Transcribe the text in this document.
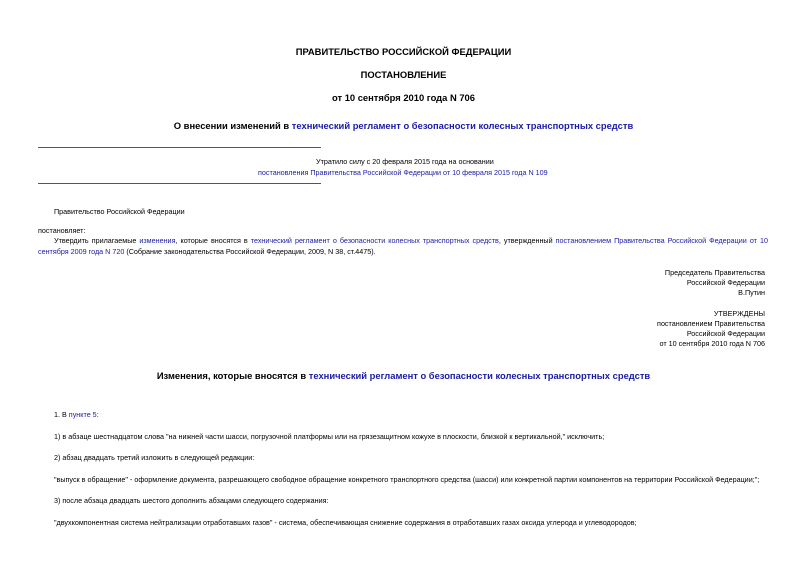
ПРАВИТЕЛЬСТВО РОССИЙСКОЙ ФЕДЕРАЦИИ
ПОСТАНОВЛЕНИЕ
от 10 сентября 2010 года N 706
О внесении изменений в технический регламент о безопасности колесных транспортных средств
Утратило силу с 20 февраля 2015 года на основании
постановления Правительства Российской Федерации от 10 февраля 2015 года N 109
Правительство Российской Федерации
постановляет:
Утвердить прилагаемые изменения, которые вносятся в технический регламент о безопасности колесных транспортных средств, утвержденный постановлением Правительства Российской Федерации от 10 сентября 2009 года N 720 (Собрание законодательства Российской Федерации, 2009, N 38, ст.4475).
Председатель Правительства
Российской Федерации
В.Путин
УТВЕРЖДЕНЫ
постановлением Правительства
Российской Федерации
от 10 сентября 2010 года N 706
Изменения, которые вносятся в технический регламент о безопасности колесных транспортных средств
1. В пункте 5:
1) в абзаце шестнадцатом слова "на нижней части шасси, погрузочной платформы или на грязезащитном кожухе в плоскости, близкой к вертикальной," исключить;
2) абзац двадцать третий изложить в следующей редакции:
"выпуск в обращение" - оформление документа, разрешающего свободное обращение конкретного транспортного средства (шасси) или конкретной партии компонентов на территории Российской Федерации;";
3) после абзаца двадцать шестого дополнить абзацами следующего содержания:
"двухкомпонентная система нейтрализации отработавших газов" - система, обеспечивающая снижение содержания в отработавших газах оксида углерода и углеводородов;
